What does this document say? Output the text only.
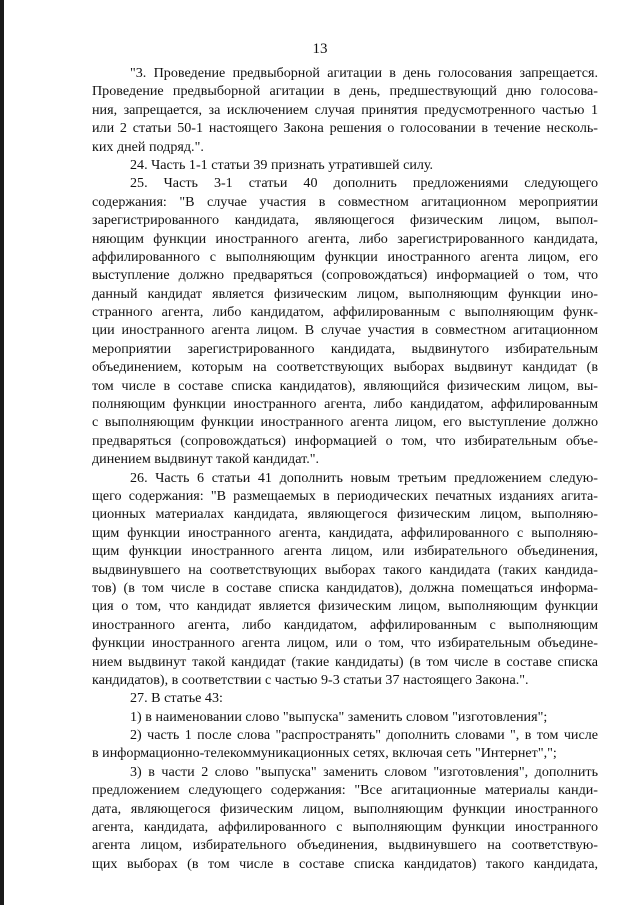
13
"3. Проведение предвыборной агитации в день голосования запрещается.
Проведение предвыборной агитации в день, предшествующий дню голосова-
ния, запрещается, за исключением случая принятия предусмотренного частью 1
или 2 статьи 50-1 настоящего Закона решения о голосовании в течение несколь-
ких дней подряд.".
24. Часть 1-1 статьи 39 признать утратившей силу.
25. Часть 3-1 статьи 40 дополнить предложениями следующего
содержания: "В случае участия в совместном агитационном мероприятии
зарегистрированного кандидата, являющегося физическим лицом, выпол-
няющим функции иностранного агента, либо зарегистрированного кандидата,
аффилированного с выполняющим функции иностранного агента лицом, его
выступление должно предваряться (сопровождаться) информацией о том, что
данный кандидат является физическим лицом, выполняющим функции ино-
странного агента, либо кандидатом, аффилированным с выполняющим функ-
ции иностранного агента лицом. В случае участия в совместном агитационном
мероприятии зарегистрированного кандидата, выдвинутого избирательным
объединением, которым на соответствующих выборах выдвинут кандидат (в
том числе в составе списка кандидатов), являющийся физическим лицом, вы-
полняющим функции иностранного агента, либо кандидатом, аффилированным
с выполняющим функции иностранного агента лицом, его выступление должно
предваряться (сопровождаться) информацией о том, что избирательным объе-
динением выдвинут такой кандидат.".
26. Часть 6 статьи 41 дополнить новым третьим предложением следую-
щего содержания: "В размещаемых в периодических печатных изданиях агита-
ционных материалах кандидата, являющегося физическим лицом, выполняю-
щим функции иностранного агента, кандидата, аффилированного с выполняю-
щим функции иностранного агента лицом, или избирательного объединения,
выдвинувшего на соответствующих выборах такого кандидата (таких кандида-
тов) (в том числе в составе списка кандидатов), должна помещаться информа-
ция о том, что кандидат является физическим лицом, выполняющим функции
иностранного агента, либо кандидатом, аффилированным с выполняющим
функции иностранного агента лицом, или о том, что избирательным объедине-
нием выдвинут такой кандидат (такие кандидаты) (в том числе в составе списка
кандидатов), в соответствии с частью 9-3 статьи 37 настоящего Закона.".
27. В статье 43:
1) в наименовании слово "выпуска" заменить словом "изготовления";
2) часть 1 после слова "распространять" дополнить словами ", в том числе
в информационно-телекоммуникационных сетях, включая сеть "Интернет",";
3) в части 2 слово "выпуска" заменить словом "изготовления", дополнить
предложением следующего содержания: "Все агитационные материалы канди-
дата, являющегося физическим лицом, выполняющим функции иностранного
агента, кандидата, аффилированного с выполняющим функции иностранного
агента лицом, избирательного объединения, выдвинувшего на соответствую-
щих выборах (в том числе в составе списка кандидатов) такого кандидата,
